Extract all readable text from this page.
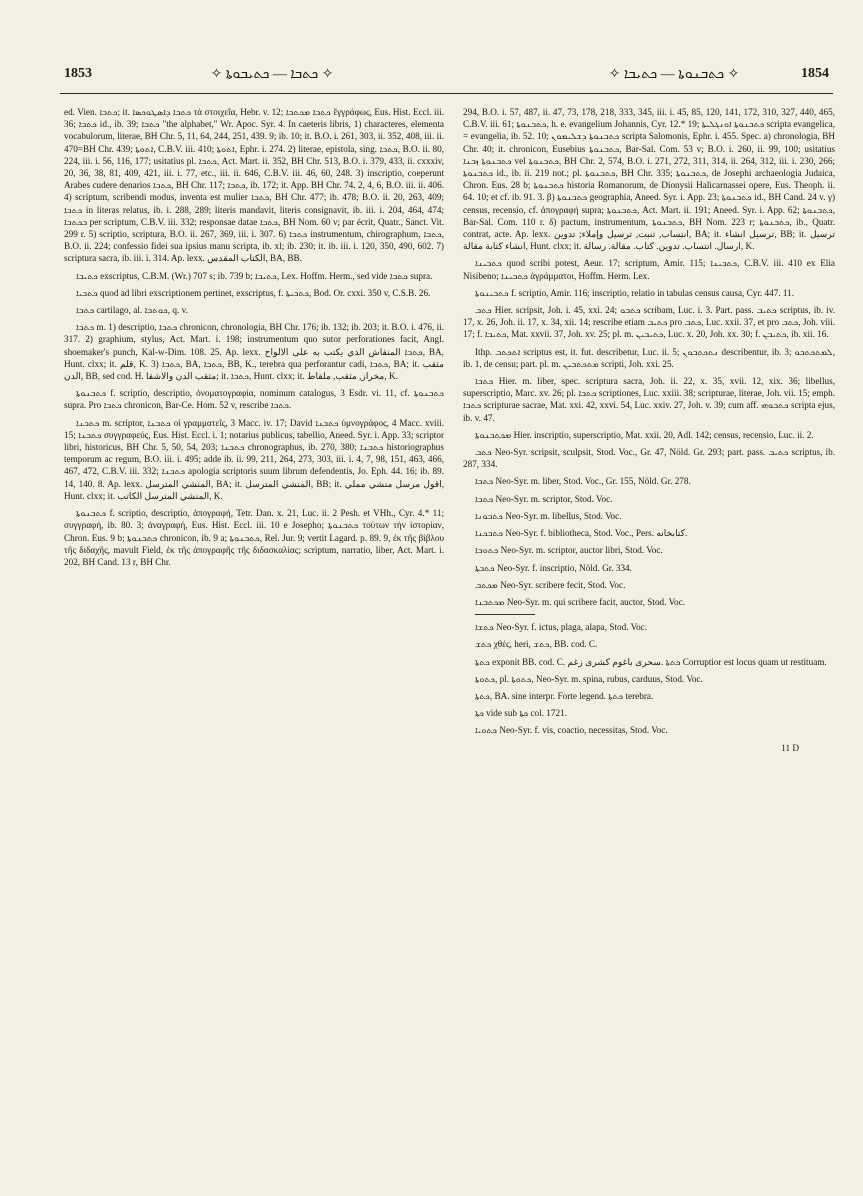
1853	✧ ܟܬܒܐ — ܟܬܝܒܘܬܐ ✧	✧ ܟܬܒܢܘܬܐ — ܟܬܝܒܐ ✧	1854

ed. Vien. ܟܬܒܐ; it. ܟܬܒܐ ܕܐܣܛܘܟܣܐ τὰ στοιχεῖα, Hebr. v. 12; ܟܬܒܐ ܡܟܬܒܐ ἔγγράφως, Eus. Hist. Eccl. iii. 36; ܟܬܒܐ id., ib. 39; ܟܬܒܐ "the alphabet," Wr. Apoc. Syr. 4. In caeteris libris, 1) characteres, elementa vocabulorum, literae, BH Chr. 5, 11, 64, 244, 251, 439. 9; ib. 10; it. B.O. i. 261, 303, ii. 352, 408, iii. ii. 470=BH Chr. 439; ܐܬܘܬܐ, C.B.V. iii. 410; ܐܬܘܬܐ, Ephr. i. 274. 2) literae, epistola, sing. ܟܬܒܐ, B.O. ii. 80, 224, iii. i. 56, 116, 177; usitatius pl. ܟܬܒܐ, Act. Mart. ii. 352, BH Chr. 513, B.O. i. 379, 433, ii. cxxxiv, 20, 36, 38, 81, 409, 421, iii. i. 77, etc., iii. ii. 646, C.B.V. iii. 46, 60, 248. 3) inscriptio, coeperunt Arabes cudere denarios ܟܬܒܐ, BH Chr. 117; ܟܬܒܐ, ib. 172; it. App. BH Chr. 74. 2, 4, 6, B.O. iii. ii. 406. 4) scriptum, scribendi modus, inventa est mulier ܟܬܒܐ, BH Chr. 477; ib. 478; B.O. ii. 20, 263, 409; ܟܬܒܐ in literas relatus, ib. i. 288, 289; literis mandavit, literis consignavit, ib. iii. i. 204, 464, 474; ܒܟܬܒܐ per scriptum, C.B.V. iii. 332; responsae datae ܟܬܒܐ, BH Nom. 60 v; par écrit, Quatr., Sanct. Vit. 299 r. 5) scriptio, scriptura, B.O. ii. 267, 369, iii. i. 307. 6) ܟܬܒܐ instrumentum, chirographum, ܟܬܒܐ, B.O. ii. 224; confessio fidei sua ipsius manu scripta, ib. xl; ib. 230; it. ib. iii. i. 120, 350, 490, 602. 7) scriptura sacra, ib. iii. i. 314. Ap. lexx. الكتاب المقدس, BA, BB.

ܟܬܝܒܐ exscriptus, C.B.M. (Wr.) 707 s; ib. 739 b; ܟܬܝܒܐ, Lex. Hoffm. Herm., sed vide ܟܬܒܐ supra.

ܟܬܒܝܐ quod ad libri exscriptionem pertinet, exscriptus, f. ܟܬܒܝܬܐ, Bod. Or. cxxi. 350 v, C.S.B. 26.

ܟܬܒܐ cartilago, al. ܟܘܬܒܐ, q. v.

ܟܬܒܐ m. 1) descriptio, ܟܬܒܐ chronicon, chronologia, BH Chr. 176; ib. 132; ib. 203; it. B.O. i. 476, ii. 317. 2) graphium, stylus, Act. Mart. i. 198; instrumentum quo sutor perforationes facit, Angl. shoemaker's punch, Kal-w-Dim. 108. 25. Ap. lexx. ܟܬܒܐ المنقاش الذي يكتب به على الالواح, BA, Hunt. clxx; it. قلم, K. 3) ܟܬܒܐ, BA, ܟܬܒܐ, BB, K., terebra qua perforantur cadi, ܟܬܒܐ, BA; it. مثقب الدن, BB, sed cod. H. مثقب الدن والاشقا; it. ܟܬܒܐ, Hunt. clxx; it. مخراز, مثقب, ملقاط, K.

ܟܬܒܢܘܬܐ f. scriptio, descriptio, ὀνοματογραφία, nominum catalogus, 3 Esdr. vi. 11, cf. ܟܬܒܢܘܬܐ supra. Pro ܟܬܒܐ chronicon, Bar-Ce. Hom. 52 v, rescribe ܟܬܒܐ.

ܟܬܒܢܐ m. scriptor, ܟܬܒܢܐ οἱ γραμματεῖς, 3 Macc. iv. 17; David ܟܬܒܢܐ ὑμνογράφος, 4 Macc. xviii. 15; ܟܬܒܢܐ συγγραφεύς, Eus. Hist. Eccl. i. 1; notarius publicus, tabellio, Aneed. Syr. i. App. 33; scriptor libri, historicus, BH Chr. 5, 50, 54, 203; ܟܬܒܢܐ chronographus, ib. 270, 380; ܟܬܒܢܐ historiographus temporum ac regum, B.O. iii. i. 495; adde ib. ii. 99, 211, 264, 273, 303, iii. i. 4, 7, 98, 151, 463, 466, 467, 472, C.B.V. iii. 332; ܟܬܒܢܐ apologia scriptoris suum librum defendentis, Jo. Eph. 44. 16; ib. 89. 14, 140. 8. Ap. lexx. المنشي المترسل, BA; it. المنشي المترسل, BB; it. اقول مرسل منشي مملي, Hunt. clxx; it. المنشي المترسل الكاتب, K.

ܟܬܒܢܘܬܐ f. scriptio, descriptio, ἀπογραφή, Tetr. Dan. x. 21, Luc. ii. 2 Pesh. et VHh., Cyr. 4.* 11; συγγραφή, ib. 80. 3; ἀναγραφή, Eus. Hist. Eccl. iii. 10 e Josepho; ܟܬܒܢܘܬܐ τούτων τὴν ἱστορίαν, Chron. Eus. 9 b; ܟܬܒܢܘܬܐ chronicon, ib. 9 a; ܟܬܒܢܘܬܐ, Rel. Jur. 9; vertit Lagard. p. 89. 9, ἐκ τῆς βίβλου τῆς διδαχῆς, mavult Field, ἐκ τῆς ἀπογραφῆς τῆς διδασκαλίας; scriptum, narratio, liber, Act. Mart. i. 202, BH Cand. 13 r, BH Chr.

294, B.O. i. 57, 487, ii. 47, 73, 178, 218, 333, 345, iii. i. 45, 85, 120, 141, 172, 310, 327, 440, 465, C.B.V. iii. 61; ܟܬܒܢܘܬܐ, h. e. evangelium Johannis, Cyr. 12.* 19; ܟܬܒܢܘܬܐ ܐܘܢܓܠܝܬܐ scripta evangelica, = evangelia, ib. 52. 10; ܟܬܒܢܘܬܐ ܕܫܠܝܡܘܢ scripta Salomonis, Ephr. i. 455. Spec. a) chronologia, BH Chr. 40; it. chronicon, Eusebius ܟܬܒܢܘܬܐ, Bar-Sal. Com. 53 v; B.O. i. 260, ii. 99, 100; usitatius ܟܬܒܢܘܬܐ ܙܒܢܐ vel ܟܬܒܢܘܬܐ, BH Chr. 2, 574, B.O. i. 271, 272, 311, 314, ii. 264, 312, iii. i. 230, 266; ܟܬܒܢܘܬܐ id., ib. ii. 219 not.; pl. ܟܬܒܢܘܬܐ, BH Chr. 335; ܟܬܒܢܘܬܐ, de Josephi archaeologia Judaica, Chron. Eus. 28 b; ܟܬܒܢܘܬܐ historia Romanorum, de Dionysii Halicarnassei opere, Eus. Theoph. ii. 64. 10; et cf. ib. 91. 3. β) ܟܬܒܢܘܬܐ geographia, Aneed. Syr. i. App. 23; ܟܬܒܢܘܬܐ id., BH Cand. 24 v. γ) census, recensio, cf. ἀπογραφή supra; ܟܬܒܢܘܬܐ, Act. Mart. ii. 191; Aneed. Syr. i. App. 62; ܟܬܒܢܘܬܐ, Bar-Sal. Com. 110 r. δ) pactum, instrumentum, ܟܬܒܢܘܬܐ, BH Nom. 223 r; ܟܬܒܢܘܬܐ, ib., Quatr. contrat, acte. Ap. lexx. انتساب, تنبت, ترسيل وإملاء; تدوين, BA; it. ترسيل انشاء, BB; it. ترسيل انشاء كتابة مقالة, Hunt. clxx; it. ارسال. انتساب. تدوين. كتاب. مقالة. رسالة, K.

ܟܬܒܝܢܐ quod scribi potest, Aeur. 17; scriptum, Amir. 115; ܟܬܒܝܢܐ, C.B.V. iii. 410 ex Elia Nisibeno; ܟܬܒܝܢܐ ἀγράμματοι, Hoffm. Herm. Lex.

ܟܬܒܝܢܘܬܐ f. scriptio, Amir. 116; inscriptio, relatio in tabulas census causa, Cyr. 447. 11.

ܟܬܒ Hier. scripsit, Joh. i. 45, xxi. 24; ܟܬܒܘ scribam, Luc. i. 3. Part. pass. ܟܬܝܒ scriptus, ib. iv. 17, x. 26, Joh. ii. 17, x. 34, xii. 14; rescribe etiam ܟܬܝܒ pro ܟܬܒ, Luc. xxii. 37, et pro ܟܬܒ, Joh. viii. 17; f. ܟܬܝܒܐ, Mat. xxvii. 37, Joh. xv. 25; pl. m. ܟܬܝܒܝܢ, Luc. x. 20, Joh. xx. 30; f. ܟܬܝܒܢ, ib. xii. 16.

Ithp. ܐܬܟܬܒ scriptus est, it. fut. describetur, Luc. ii. 5; ܢܬܟܬܒܘܢ describentur, ib. 3; ܠܡܬܟܬܒܘ, ib. 1, de censu; part. pl. m. ܡܬܟܬܒܝܢ scripti, Joh. xxi. 25.

ܟܬܒܐ Hier. m. liber, spec. scriptura sacra, Joh. ii. 22, x. 35, xvii. 12, xix. 36; libellus, superscriptio, Marc. xv. 26; pl. ܟܬܒܐ scriptiones, Luc. xxiii. 38; scripturae, literae, Joh. vii. 15; emph. ܟܬܒܐ scripturae sacrae, Mat. xxi. 42, xxvi. 54, Luc. xxiv. 27, Joh. v. 39; cum aff. ܟܬܒܘܗܝ scripta ejus, ib. v. 47.

ܡܟܬܒܢܘܬܐ Hier. inscriptio, superscriptio, Mat. xxii. 20, Adl. 142; census, recensio, Luc. ii. 2.

ܟܬܒ Neo-Syr. scripsit, sculpsit, Stod. Voc., Gr. 47, Nöld. Gr. 293; part. pass. ܟܬܝܒ scriptus, ib. 287, 334.

ܟܬܒܐ Neo-Syr. m. liber, Stod. Voc., Gr. 155, Nöld. Gr. 278.

ܟܬܒܐ Neo-Syr. m. scriptor, Stod. Voc.

ܟܬܒܘܢܐ Neo-Syr. m. libellus, Stod. Voc.

ܟܬܒܟܢܐ Neo-Syr. f. bibliotheca, Stod. Voc., Pers. كتابخانه.

ܟܬܘܒܐ Neo-Syr. m. scriptor, auctor libri, Stod. Voc.

ܟܬܒܬܐ Neo-Syr. f. inscriptio, Nöld. Gr. 334.

ܡܟܬܒ Neo-Syr. scribere fecit, Stod. Voc.

ܡܟܬܒܢܐ Neo-Syr. m. qui scribere facit, auctor, Stod. Voc.

ܟܬܫܐ Neo-Syr. f. ictus, plaga, alapa, Stod. Voc.

ܟܬܫ χθές, heri, ܟܬܫ, BB. cod. C.

ܟܬܬܐ exponit BB. cod. C. ܟܬܬܐ .سحرى باغوم كشرى زغم Corruptior est locus quam ut restituam.

ܟܬܘܬܐ, pl. ܟܬܘܬܐ, Neo-Syr. m. spina, rubus, carduus, Stod. Voc.

ܟܬܬܐ, BA. sine interpr. Forte legend. ܟܬܬܐ terebra.

ܟܬܐ vide sub ܟܬܐ col. 1721.

ܟܬܘܝܐ Neo-Syr. f. vis, coactio, necessitas, Stod. Voc.

11 D
